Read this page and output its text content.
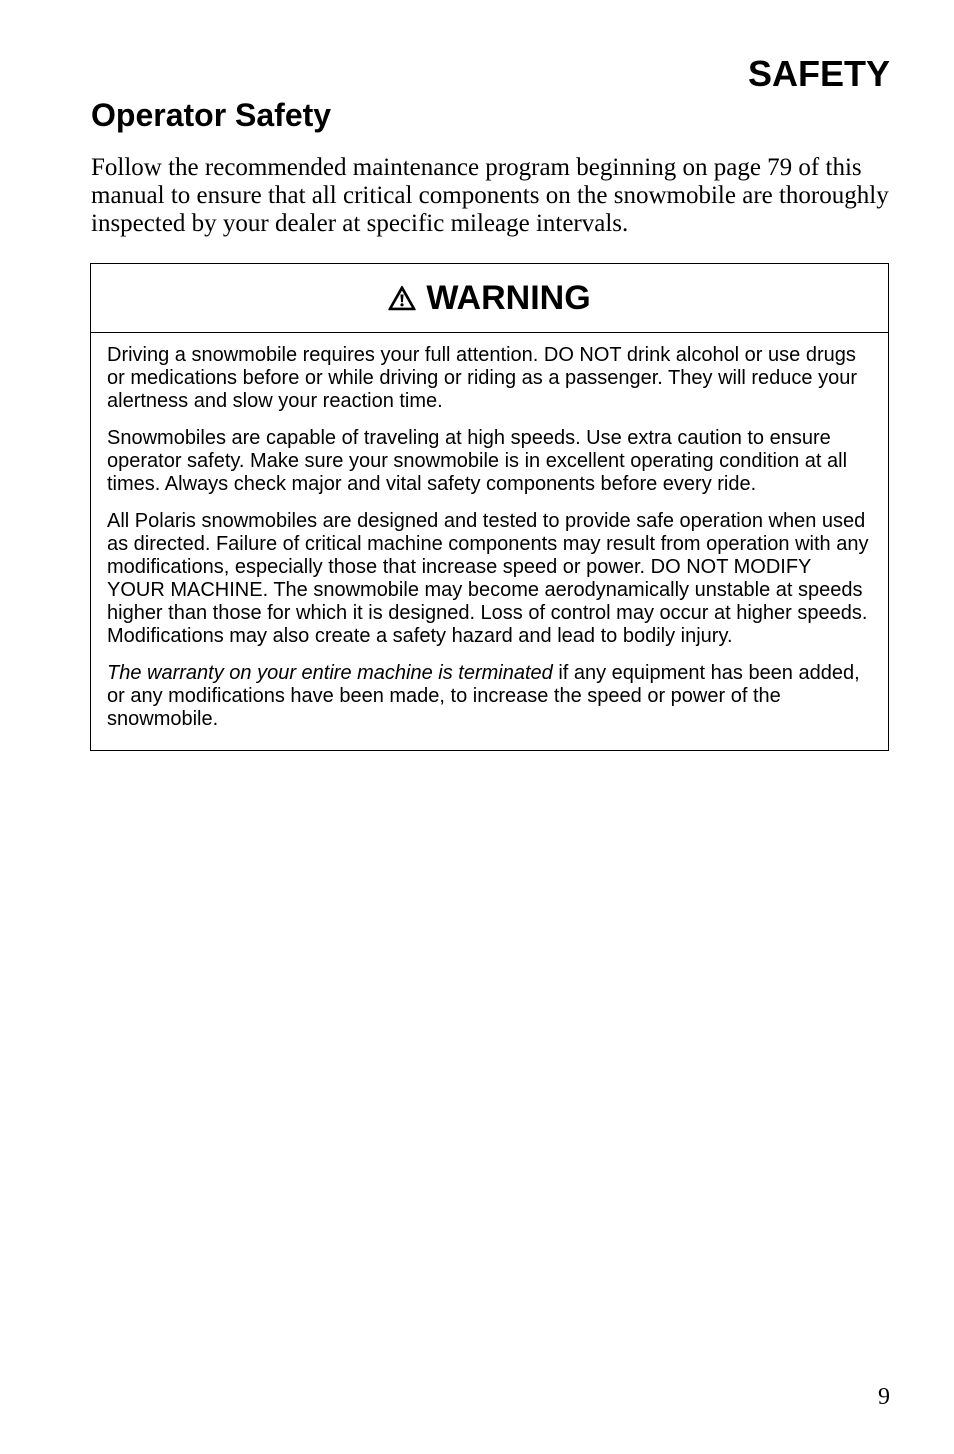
SAFETY
Operator Safety

Follow the recommended maintenance program beginning on page 79 of this manual to ensure that all critical components on the snowmobile are thoroughly inspected by your dealer at specific mileage intervals.

WARNING

Driving a snowmobile requires your full attention. DO NOT drink alcohol or use drugs or medications before or while driving or riding as a passenger. They will reduce your alertness and slow your reaction time.

Snowmobiles are capable of traveling at high speeds. Use extra caution to ensure operator safety. Make sure your snowmobile is in excellent operating condition at all times. Always check major and vital safety components before every ride.

All Polaris snowmobiles are designed and tested to provide safe operation when used as directed. Failure of critical machine components may result from operation with any modifications, especially those that increase speed or power. DO NOT MODIFY YOUR MACHINE. The snowmobile may become aerodynamically unstable at speeds higher than those for which it is designed. Loss of control may occur at higher speeds. Modifications may also create a safety hazard and lead to bodily injury.

The warranty on your entire machine is terminated if any equipment has been added, or any modifications have been made, to increase the speed or power of the snowmobile.

9
